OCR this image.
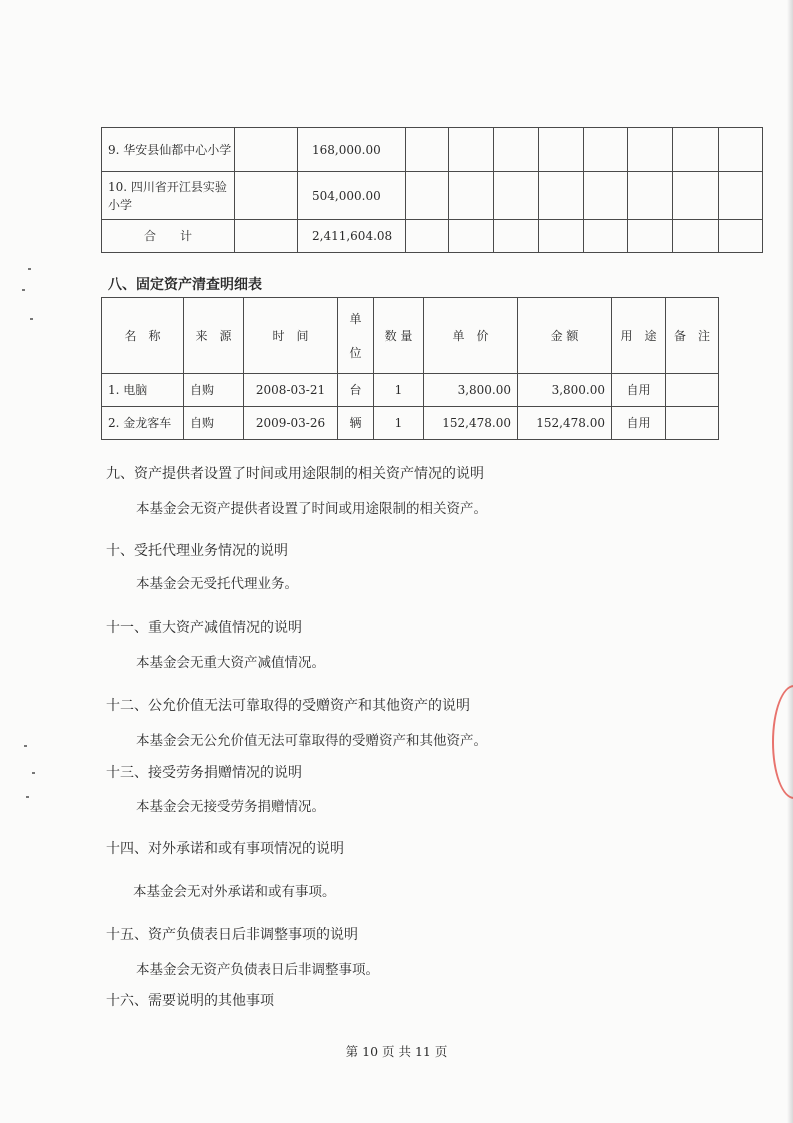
9. 华安县仙都中心小学		168,000.00								
10. 四川省开江县实验小学		504,000.00								
合　　计		2,411,604.08								

八、固定资产清查明细表

名　称	来　源	时　间	单位	数 量	单　价	金 额	用　途	备　注
1. 电脑	自购	2008-03-21	台	1	3,800.00	3,800.00	自用	
2. 金龙客车	自购	2009-03-26	辆	1	152,478.00	152,478.00	自用	

九、资产提供者设置了时间或用途限制的相关资产情况的说明

本基金会无资产提供者设置了时间或用途限制的相关资产。

十、受托代理业务情况的说明

本基金会无受托代理业务。

十一、重大资产减值情况的说明

本基金会无重大资产减值情况。

十二、公允价值无法可靠取得的受赠资产和其他资产的说明

本基金会无公允价值无法可靠取得的受赠资产和其他资产。

十三、接受劳务捐赠情况的说明

本基金会无接受劳务捐赠情况。

十四、对外承诺和或有事项情况的说明

本基金会无对外承诺和或有事项。

十五、资产负债表日后非调整事项的说明

本基金会无资产负债表日后非调整事项。

十六、需要说明的其他事项

第 10 页 共 11 页
